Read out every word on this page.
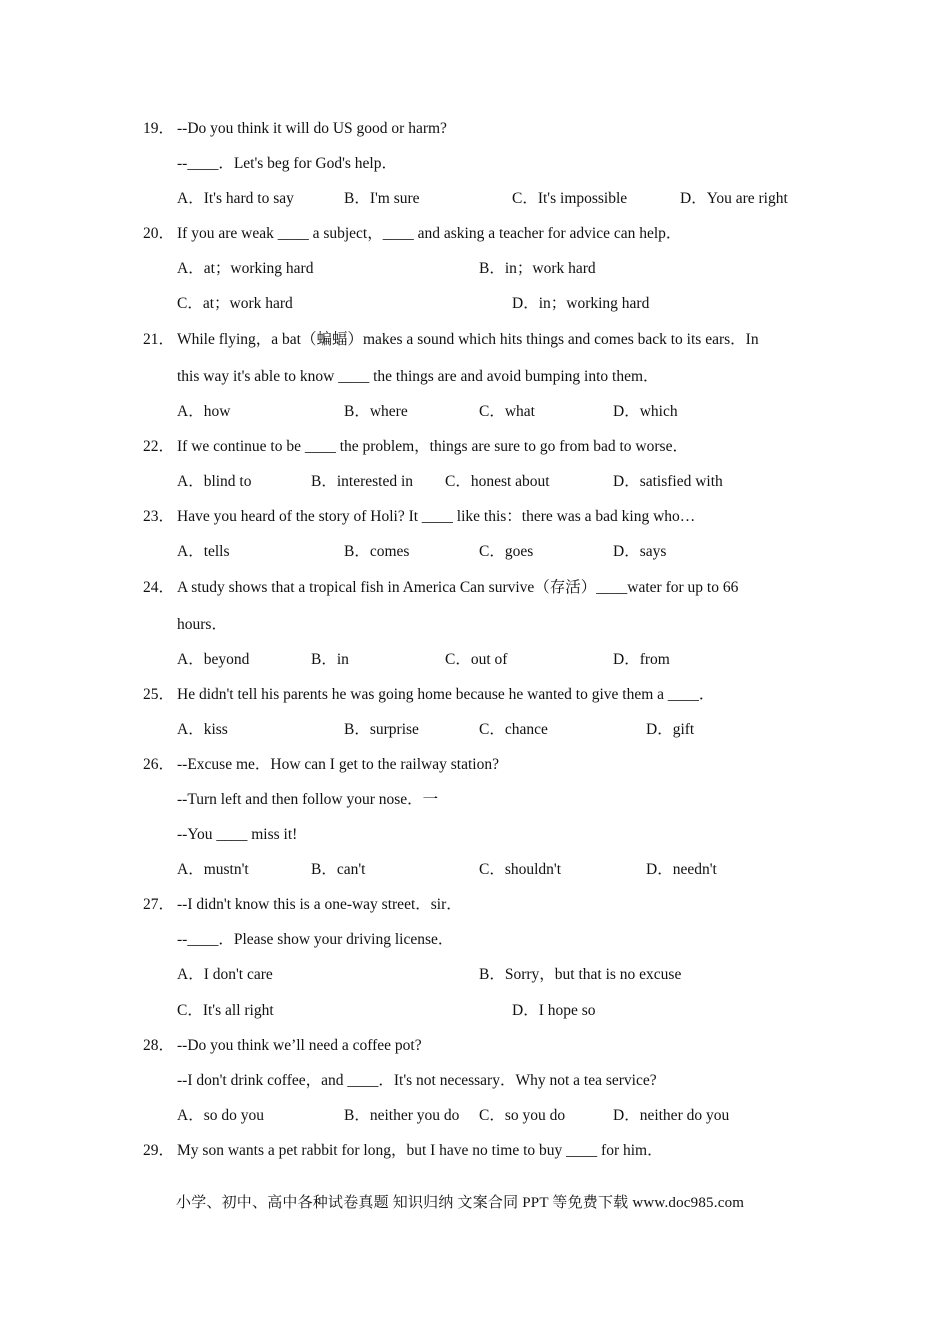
19． --Do you think it will do US good or harm?
--____．Let's beg for God's help．
A．It's hard to say	B．I'm sure	C．It's impossible	D．You are right
20． If you are weak ____ a subject，____ and asking a teacher for advice can help．
A．at；working hard	B．in；work hard
C．at；work hard	D．in；working hard
21． While flying，a bat（蝙蝠）makes a sound which hits things and comes back to its ears．In
this way it's able to know ____ the things are and avoid bumping into them．
A．how	B．where	C．what	D．which
22． If we continue to be ____ the problem，things are sure to go from bad to worse．
A．blind to	B．interested in C．honest about	D．satisfied with
23． Have you heard of the story of Holi? It ____ like this：there was a bad king who…
A．tells	B．comes	C．goes	D．says
24． A study shows that a tropical fish in America Can survive（存活）____water for up to 66
hours．
A．beyond	B．in	C．out of	D．from
25． He didn't tell his parents he was going home because he wanted to give them a ____．
A．kiss	B．surprise	C．chance	D．gift
26． --Excuse me．How can I get to the railway station?
--Turn left and then follow your nose．一
--You ____ miss it!
A．mustn't	B．can't	C．shouldn't	D．needn't
27． --I didn't know this is a one-way street．sir．
--____．Please show your driving license．
A．I don't care	B．Sorry，but that is no excuse
C．It's all right	D．I hope so
28． --Do you think we’ll need a coffee pot?
--I don't drink coffee，and ____．It's not necessary．Why not a tea service?
A．so do you	B．neither you do C．so you do	D．neither do you
29． My son wants a pet rabbit for long，but I have no time to buy ____ for him．
小学、初中、高中各种试卷真题 知识归纳 文案合同 PPT 等免费下载 www.doc985.com
